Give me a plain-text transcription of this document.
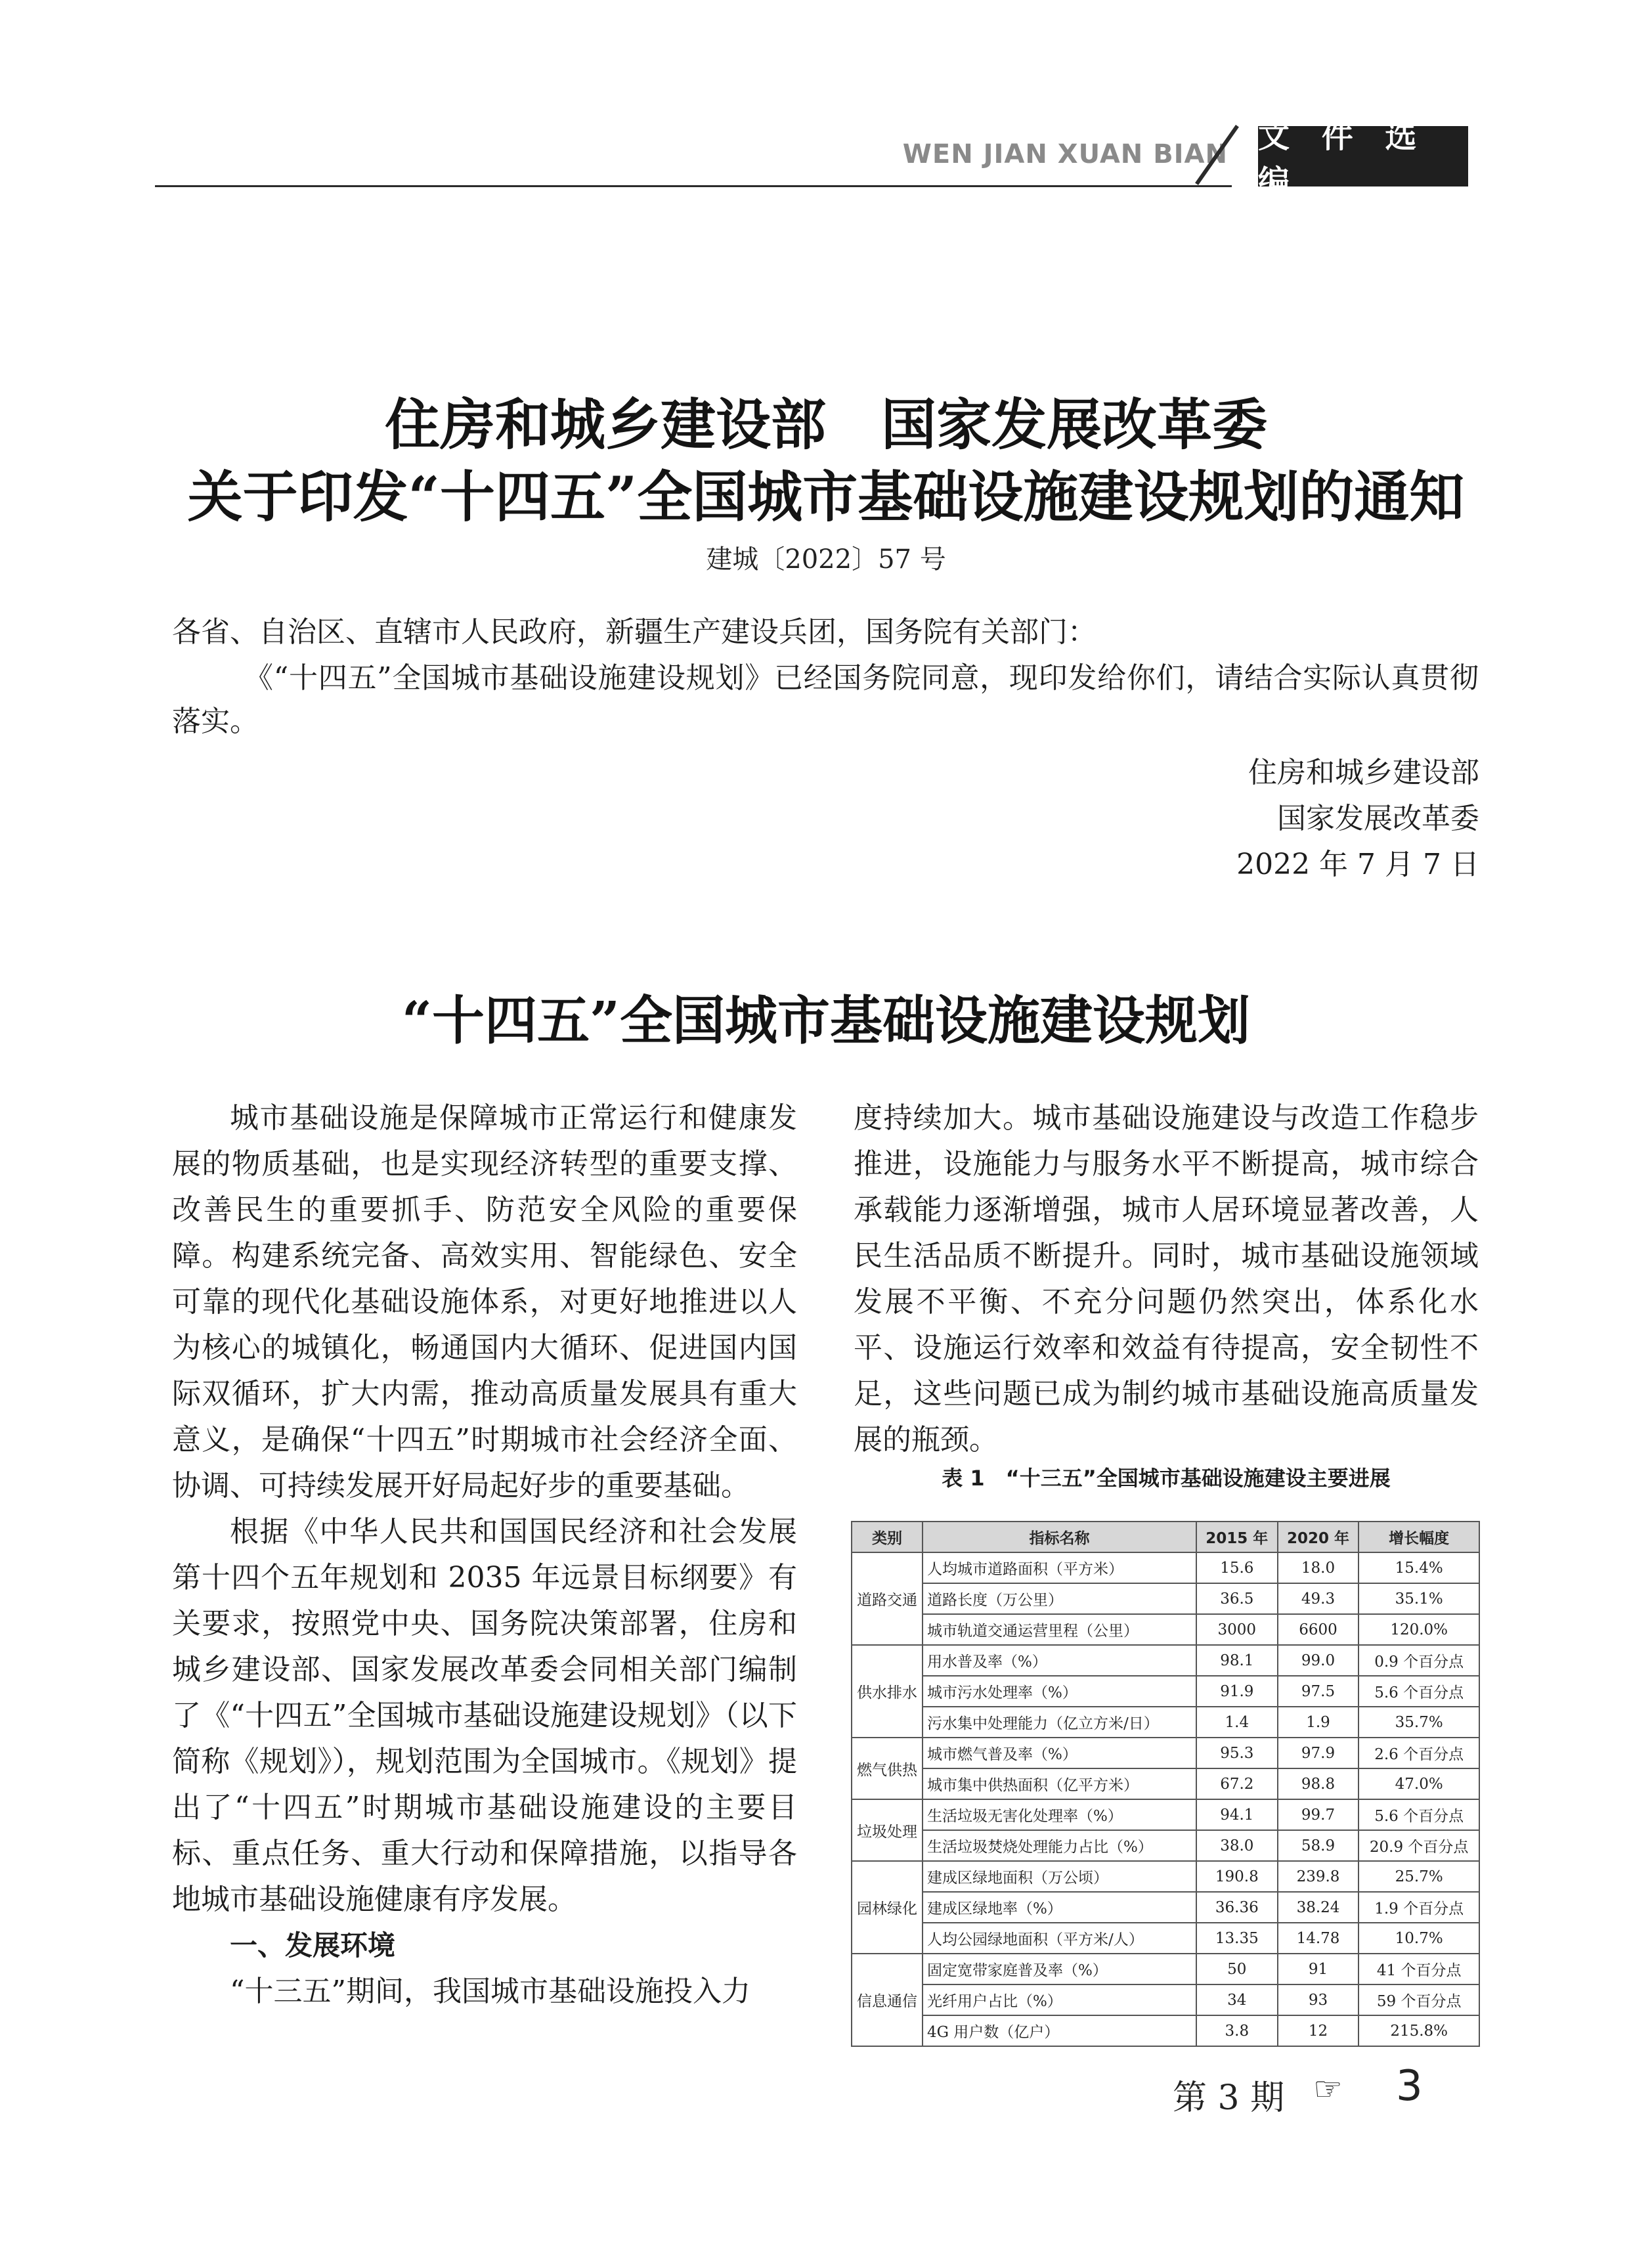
WEN JIAN XUAN BIAN 文 件 选 编
住房和城乡建设部　国家发展改革委
关于印发“十四五”全国城市基础设施建设规划的通知
建城〔2022〕57 号
各省、自治区、直辖市人民政府，新疆生产建设兵团，国务院有关部门：
《“十四五”全国城市基础设施建设规划》已经国务院同意，现印发给你们，请结合实际认真贯彻落实。
住房和城乡建设部
国家发展改革委
2022 年 7 月 7 日
“十四五”全国城市基础设施建设规划

城市基础设施是保障城市正常运行和健康发展的物质基础，也是实现经济转型的重要支撑、改善民生的重要抓手、防范安全风险的重要保障。构建系统完备、高效实用、智能绿色、安全可靠的现代化基础设施体系，对更好地推进以人为核心的城镇化，畅通国内大循环、促进国内国际双循环，扩大内需，推动高质量发展具有重大意义，是确保“十四五”时期城市社会经济全面、协调、可持续发展开好局起好步的重要基础。

根据《中华人民共和国国民经济和社会发展第十四个五年规划和 2035 年远景目标纲要》有关要求，按照党中央、国务院决策部署，住房和城乡建设部、国家发展改革委会同相关部门编制了《“十四五”全国城市基础设施建设规划》（以下简称《规划》），规划范围为全国城市。《规划》提出了“十四五”时期城市基础设施建设的主要目标、重点任务、重大行动和保障措施，以指导各地城市基础设施健康有序发展。

一、发展环境

“十三五”期间，我国城市基础设施投入力

度持续加大。城市基础设施建设与改造工作稳步推进，设施能力与服务水平不断提高，城市综合承载能力逐渐增强，城市人居环境显著改善，人民生活品质不断提升。同时，城市基础设施领域发展不平衡、不充分问题仍然突出，体系化水平、设施运行效率和效益有待提高，安全韧性不足，这些问题已成为制约城市基础设施高质量发展的瓶颈。

表 1　“十三五”全国城市基础设施建设主要进展
类别	指标名称	2015 年	2020 年	增长幅度
道路交通	人均城市道路面积（平方米）	15.6	18.0	15.4%
	道路长度（万公里）	36.5	49.3	35.1%
	城市轨道交通运营里程（公里）	3000	6600	120.0%
供水排水	用水普及率（%）	98.1	99.0	0.9 个百分点
	城市污水处理率（%）	91.9	97.5	5.6 个百分点
	污水集中处理能力（亿立方米/日）	1.4	1.9	35.7%
燃气供热	城市燃气普及率（%）	95.3	97.9	2.6 个百分点
	城市集中供热面积（亿平方米）	67.2	98.8	47.0%
垃圾处理	生活垃圾无害化处理率（%）	94.1	99.7	5.6 个百分点
	生活垃圾焚烧处理能力占比（%）	38.0	58.9	20.9 个百分点
园林绿化	建成区绿地面积（万公顷）	190.8	239.8	25.7%
	建成区绿地率（%）	36.36	38.24	1.9 个百分点
	人均公园绿地面积（平方米/人）	13.35	14.78	10.7%
信息通信	固定宽带家庭普及率（%）	50	91	41 个百分点
	光纤用户占比（%）	34	93	59 个百分点
	4G 用户数（亿户）	3.8	12	215.8%
第 3 期 ☞ 3
